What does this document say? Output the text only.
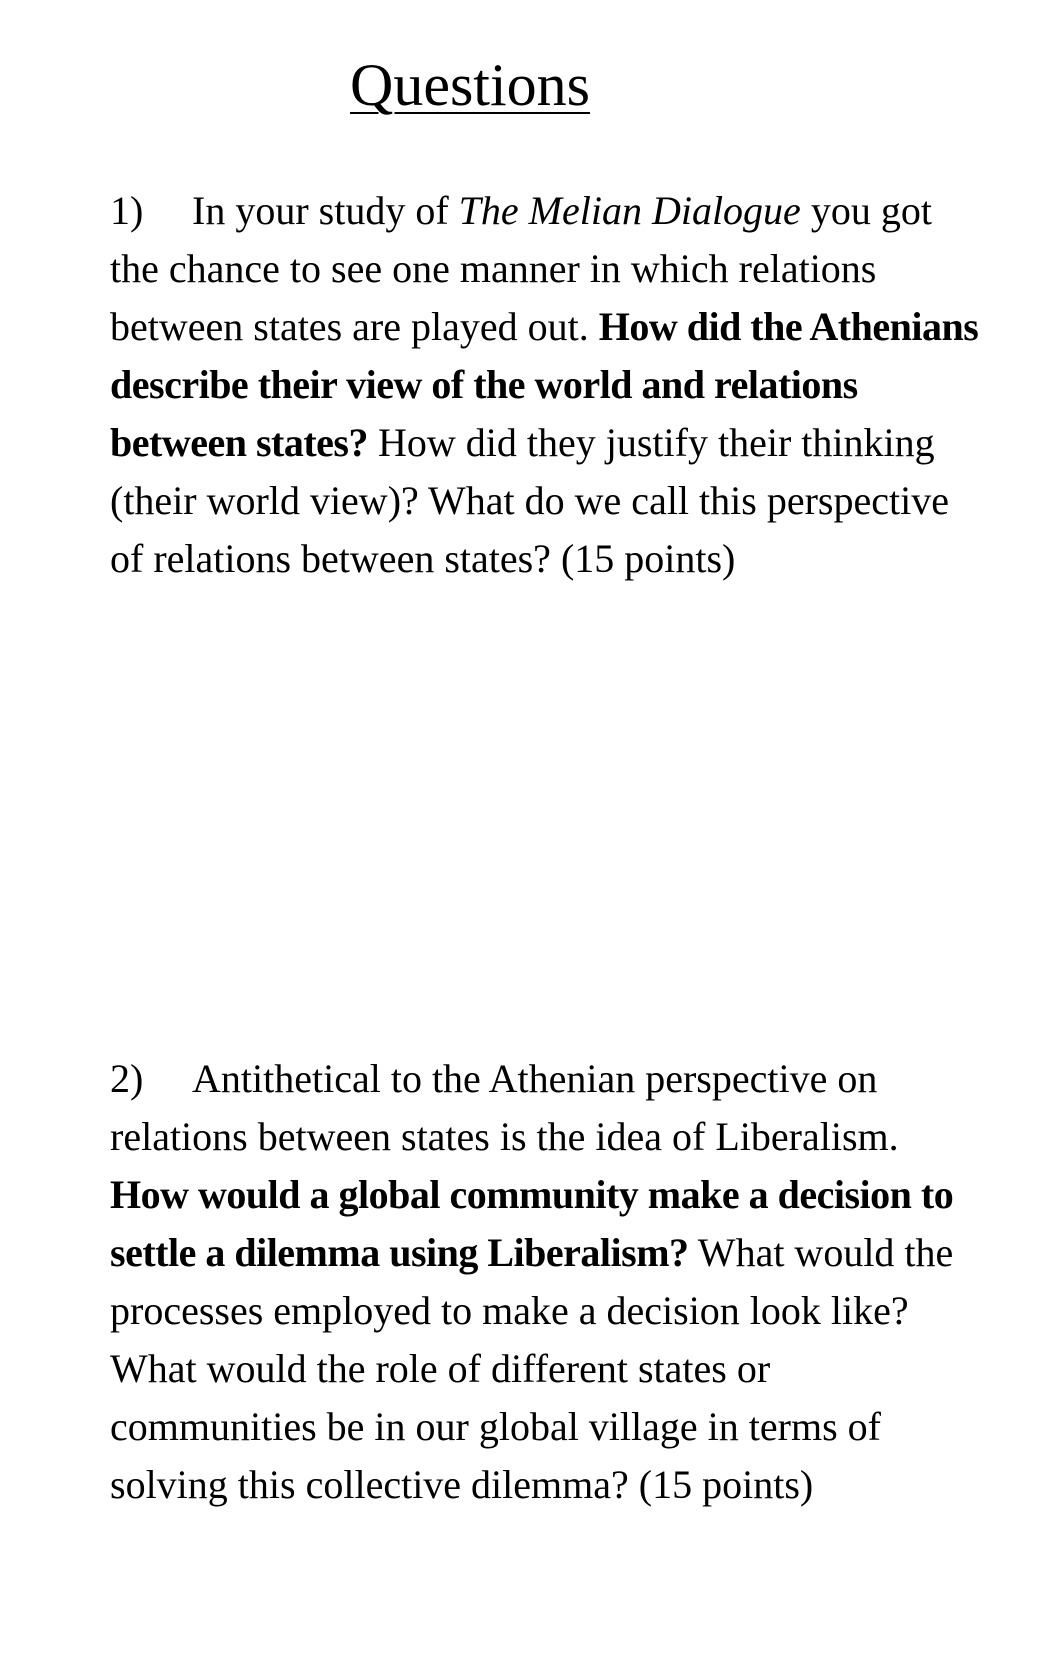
Questions

1) In your study of The Melian Dialogue you got the chance to see one manner in which relations between states are played out. How did the Athenians describe their view of the world and relations between states? How did they justify their thinking (their world view)? What do we call this perspective of relations between states? (15 points)

2) Antithetical to the Athenian perspective on relations between states is the idea of Liberalism. How would a global community make a decision to settle a dilemma using Liberalism? What would the processes employed to make a decision look like? What would the role of different states or communities be in our global village in terms of solving this collective dilemma? (15 points)
